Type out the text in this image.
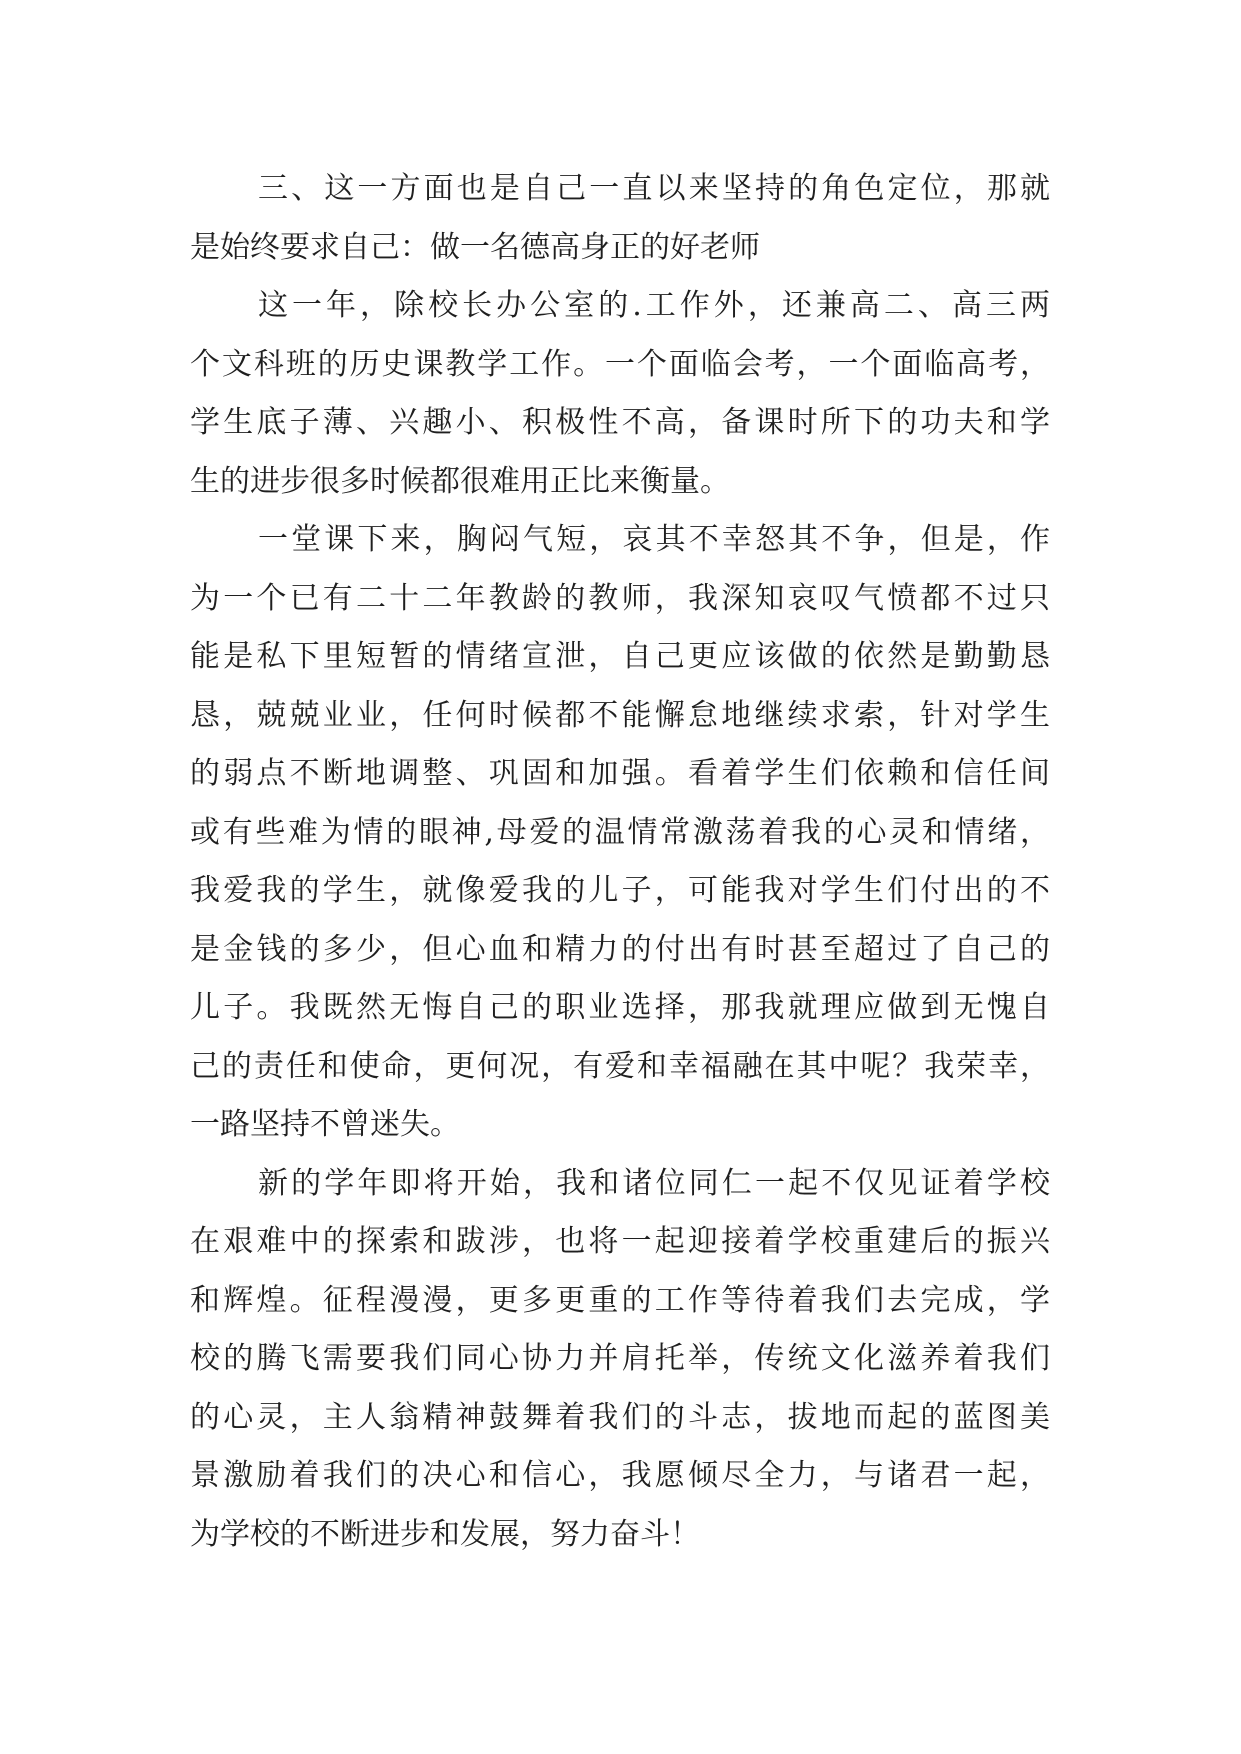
三、这一方面也是自己一直以来坚持的角色定位，那就
是始终要求自己：做一名德高身正的好老师
这一年，除校长办公室的.工作外，还兼高二、高三两
个文科班的历史课教学工作。一个面临会考，一个面临高考，
学生底子薄、兴趣小、积极性不高，备课时所下的功夫和学
生的进步很多时候都很难用正比来衡量。
一堂课下来，胸闷气短，哀其不幸怒其不争，但是，作
为一个已有二十二年教龄的教师，我深知哀叹气愤都不过只
能是私下里短暂的情绪宣泄，自己更应该做的依然是勤勤恳
恳，兢兢业业，任何时候都不能懈怠地继续求索，针对学生
的弱点不断地调整、巩固和加强。看着学生们依赖和信任间
或有些难为情的眼神,母爱的温情常激荡着我的心灵和情绪，
我爱我的学生，就像爱我的儿子，可能我对学生们付出的不
是金钱的多少，但心血和精力的付出有时甚至超过了自己的
儿子。我既然无悔自己的职业选择，那我就理应做到无愧自
己的责任和使命，更何况，有爱和幸福融在其中呢？我荣幸，
一路坚持不曾迷失。
新的学年即将开始，我和诸位同仁一起不仅见证着学校
在艰难中的探索和跋涉，也将一起迎接着学校重建后的振兴
和辉煌。征程漫漫，更多更重的工作等待着我们去完成，学
校的腾飞需要我们同心协力并肩托举，传统文化滋养着我们
的心灵，主人翁精神鼓舞着我们的斗志，拔地而起的蓝图美
景激励着我们的决心和信心，我愿倾尽全力，与诸君一起，
为学校的不断进步和发展，努力奋斗！
